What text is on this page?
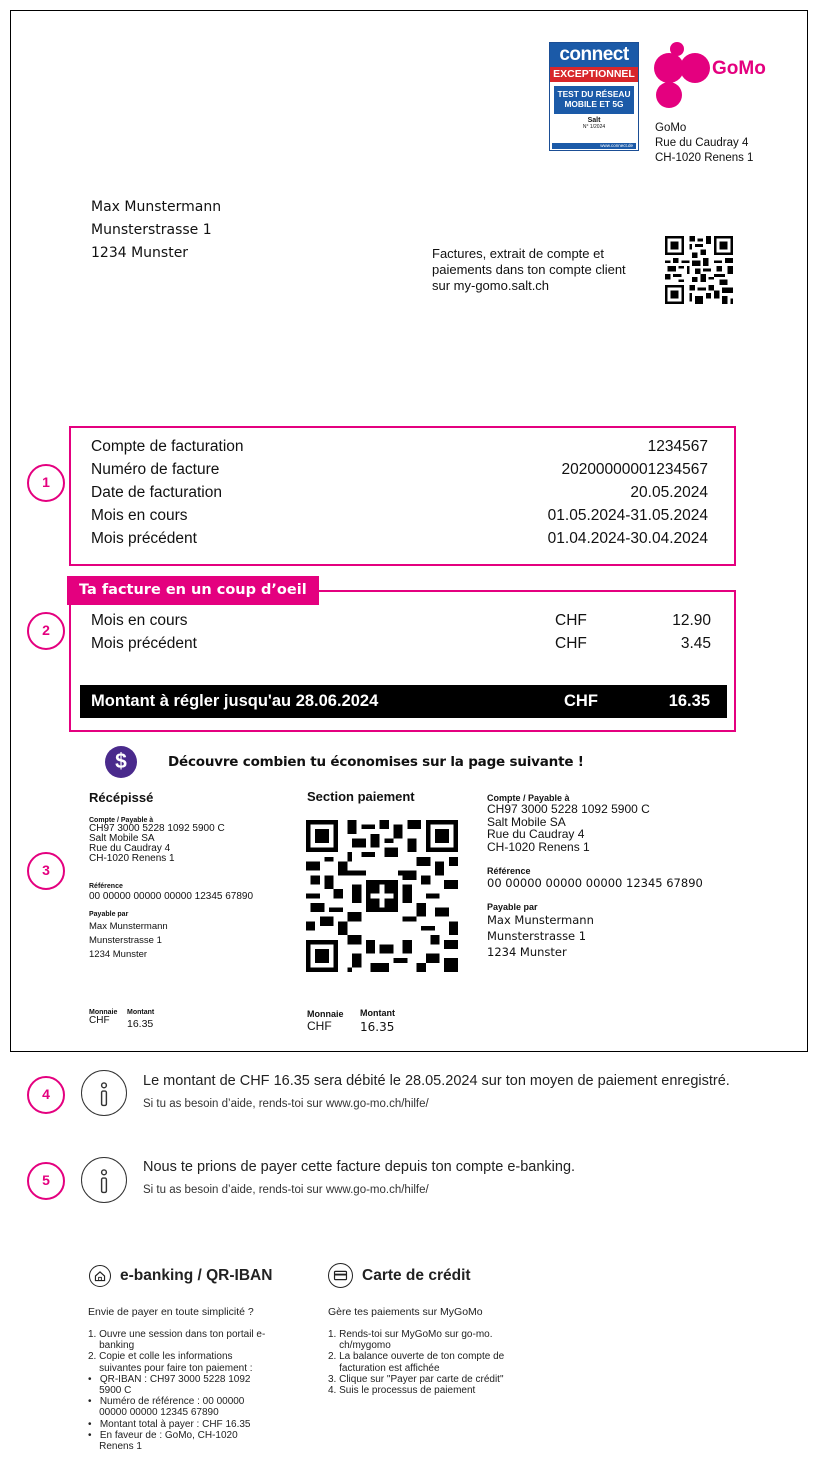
connect
EXCEPTIONNEL
TEST DU RÉSEAU
MOBILE ET 5G
Salt
N° 1/2024
www.connect.de
GoMo
GoMo
Rue du Caudray 4
CH-1020 Renens 1
Max Munstermann
Munsterstrasse 1
1234 Munster	Factures, extrait de compte et
paiements dans ton compte client
sur my-gomo.salt.ch
1
Compte de facturation	1234567
Numéro de facture	20200000001234567
Date de facturation	20.05.2024
Mois en cours	01.05.2024-31.05.2024
Mois précédent	01.04.2024-30.04.2024
2
Mois en cours	CHF	12.90
Mois précédent	CHF	3.45
Montant à régler jusqu'au 28.06.2024	CHF	16.35
Ta facture en un coup d’oeil
$	Découvre combien tu économises sur la page suivante !
3
Récépissé
Compte / Payable à
CH97 3000 5228 1092 5900 C
Salt Mobile SA
Rue du Caudray 4
CH-1020 Renens 1
Référence
00 00000 00000 00000 12345 67890
Payable par
Max Munstermann
Munsterstrasse 1
1234 Munster
Monnaie
CHF
Montant
16.35
Section paiement
Monnaie
CHF
Montant
16.35
Compte / Payable à
CH97 3000 5228 1092 5900 C
Salt Mobile SA
Rue du Caudray 4
CH-1020 Renens 1
Référence
00 00000 00000 00000 12345 67890
Payable par
Max Munstermann
Munsterstrasse 1
1234 Munster
4
Le montant de CHF 16.35 sera débité le 28.05.2024 sur ton moyen de paiement enregistré.
Si tu as besoin d’aide, rends-toi sur www.go-mo.ch/hilfe/
5
Nous te prions de payer cette facture depuis ton compte e-banking.
Si tu as besoin d’aide, rends-toi sur www.go-mo.ch/hilfe/
e-banking / QR-IBAN
Envie de payer en toute simplicité ?
1. Ouvre une session dans ton portail e-
banking
2. Copie et colle les informations
suivantes pour faire ton paiement :
•   QR-IBAN : CH97 3000 5228 1092
5900 C
•   Numéro de référence : 00 00000
00000 00000 12345 67890
•   Montant total à payer : CHF 16.35
•   En faveur de : GoMo, CH-1020
Renens 1
Carte de crédit
Gère tes paiements sur MyGoMo
1. Rends-toi sur MyGoMo sur go-mo.
ch/mygomo
2. La balance ouverte de ton compte de
facturation est affichée
3. Clique sur "Payer par carte de crédit"
4. Suis le processus de paiement
